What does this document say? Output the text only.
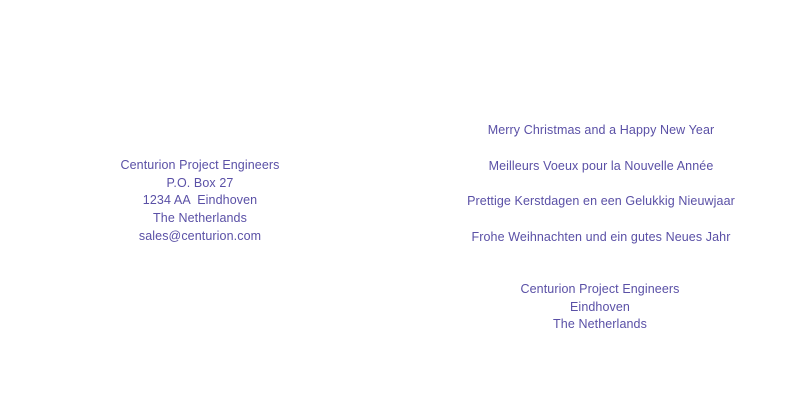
Centurion Project Engineers
P.O. Box 27
1234 AA  Eindhoven
The Netherlands
sales@centurion.com
Merry Christmas and a Happy New Year
Meilleurs Voeux pour la Nouvelle Année
Prettige Kerstdagen en een Gelukkig Nieuwjaar
Frohe Weihnachten und ein gutes Neues Jahr
Centurion Project Engineers
Eindhoven
The Netherlands
